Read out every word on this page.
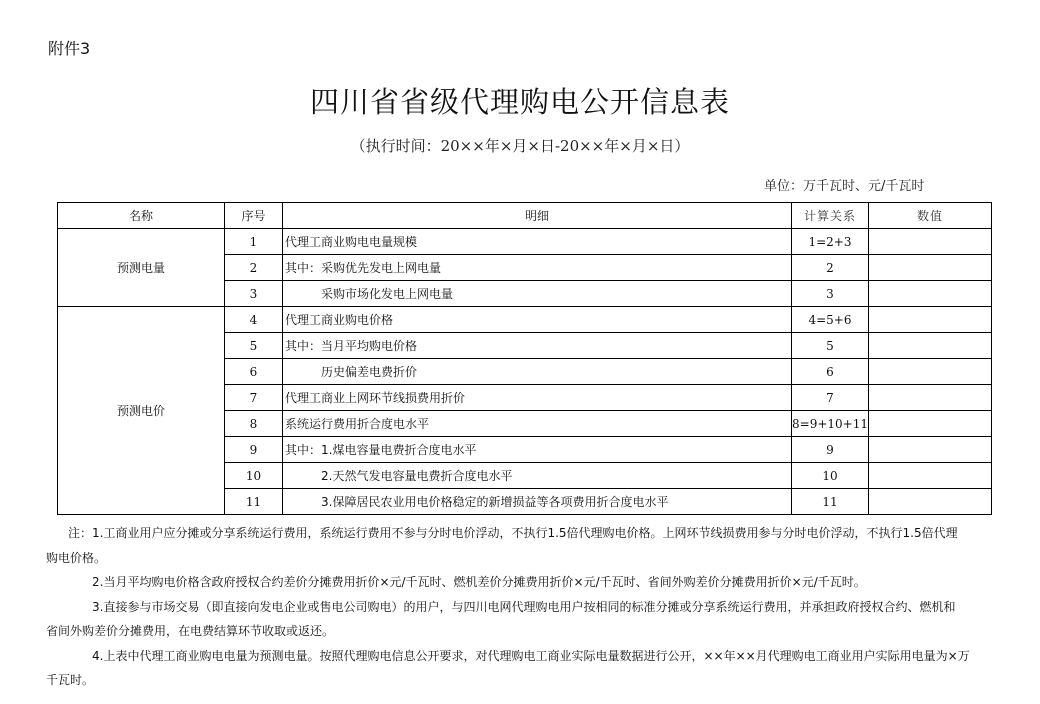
附件3
四川省省级代理购电公开信息表
（执行时间：20××年×月×日-20××年×月×日）
单位：万千瓦时、元/千瓦时
名称	序号	明细	计算关系	数值
预测电量	1	代理工商业购电电量规模	1=2+3	
	2	其中：采购优先发电上网电量	2	
	3	采购市场化发电上网电量	3	
预测电价	4	代理工商业购电价格	4=5+6	
	5	其中：当月平均购电价格	5	
	6	历史偏差电费折价	6	
	7	代理工商业上网环节线损费用折价	7	
	8	系统运行费用折合度电水平	8=9+10+11	
	9	其中：1.煤电容量电费折合度电水平	9	
	10	2.天然气发电容量电费折合度电水平	10	
	11	3.保障居民农业用电价格稳定的新增损益等各项费用折合度电水平	11	

注：1.工商业用户应分摊或分享系统运行费用，系统运行费用不参与分时电价浮动，不执行1.5倍代理购电价格。上网环节线损费用参与分时电价浮动，不执行1.5倍代理

购电价格。

2.当月平均购电价格含政府授权合约差价分摊费用折价×元/千瓦时、燃机差价分摊费用折价×元/千瓦时、省间外购差价分摊费用折价×元/千瓦时。

3.直接参与市场交易（即直接向发电企业或售电公司购电）的用户，与四川电网代理购电用户按相同的标准分摊或分享系统运行费用，并承担政府授权合约、燃机和

省间外购差价分摊费用，在电费结算环节收取或返还。

4.上表中代理工商业购电电量为预测电量。按照代理购电信息公开要求，对代理购电工商业实际电量数据进行公开，××年××月代理购电工商业用户实际用电量为×万

千瓦时。
